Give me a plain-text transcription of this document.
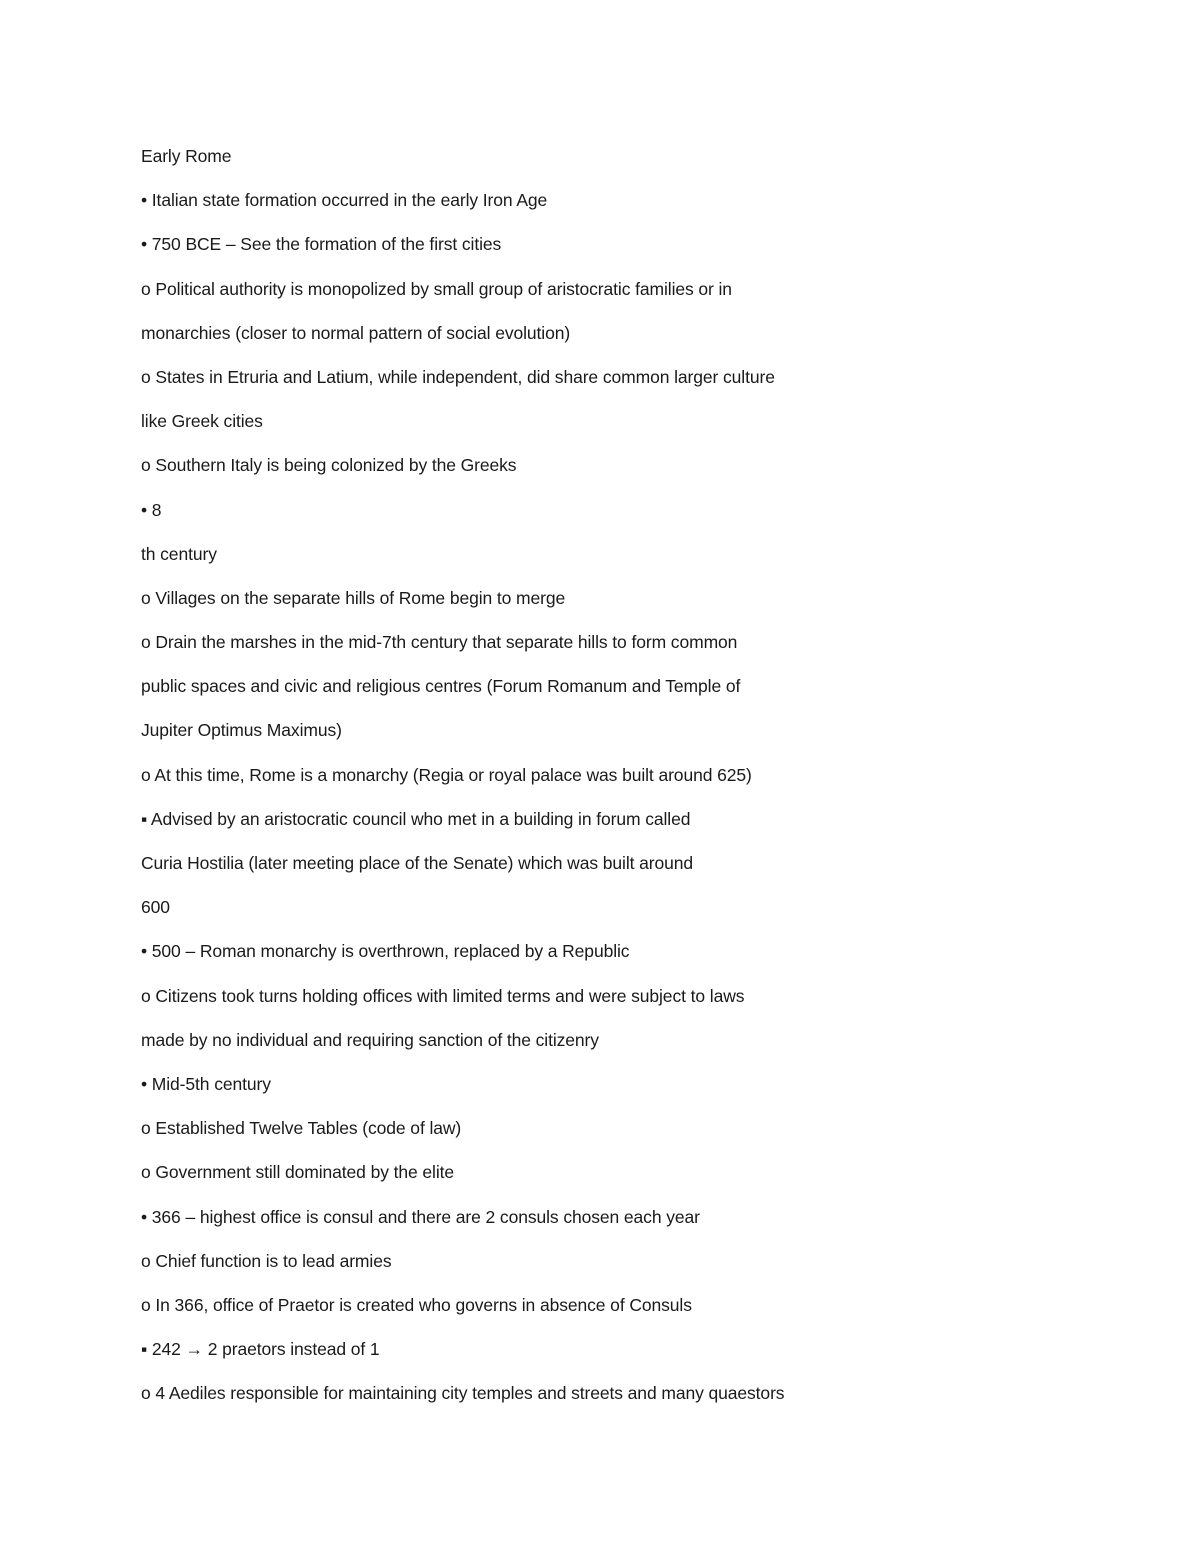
Early Rome
• Italian state formation occurred in the early Iron Age
• 750 BCE – See the formation of the first cities
o Political authority is monopolized by small group of aristocratic families or in
monarchies (closer to normal pattern of social evolution)
o States in Etruria and Latium, while independent, did share common larger culture
like Greek cities
o Southern Italy is being colonized by the Greeks
• 8
th century
o Villages on the separate hills of Rome begin to merge
o Drain the marshes in the mid-7th century that separate hills to form common
public spaces and civic and religious centres (Forum Romanum and Temple of
Jupiter Optimus Maximus)
o At this time, Rome is a monarchy (Regia or royal palace was built around 625)
▪ Advised by an aristocratic council who met in a building in forum called
Curia Hostilia (later meeting place of the Senate) which was built around
600
• 500 – Roman monarchy is overthrown, replaced by a Republic
o Citizens took turns holding offices with limited terms and were subject to laws
made by no individual and requiring sanction of the citizenry
• Mid-5th century
o Established Twelve Tables (code of law)
o Government still dominated by the elite
• 366 – highest office is consul and there are 2 consuls chosen each year
o Chief function is to lead armies
o In 366, office of Praetor is created who governs in absence of Consuls
▪ 242 → 2 praetors instead of 1
o 4 Aediles responsible for maintaining city temples and streets and many quaestors
